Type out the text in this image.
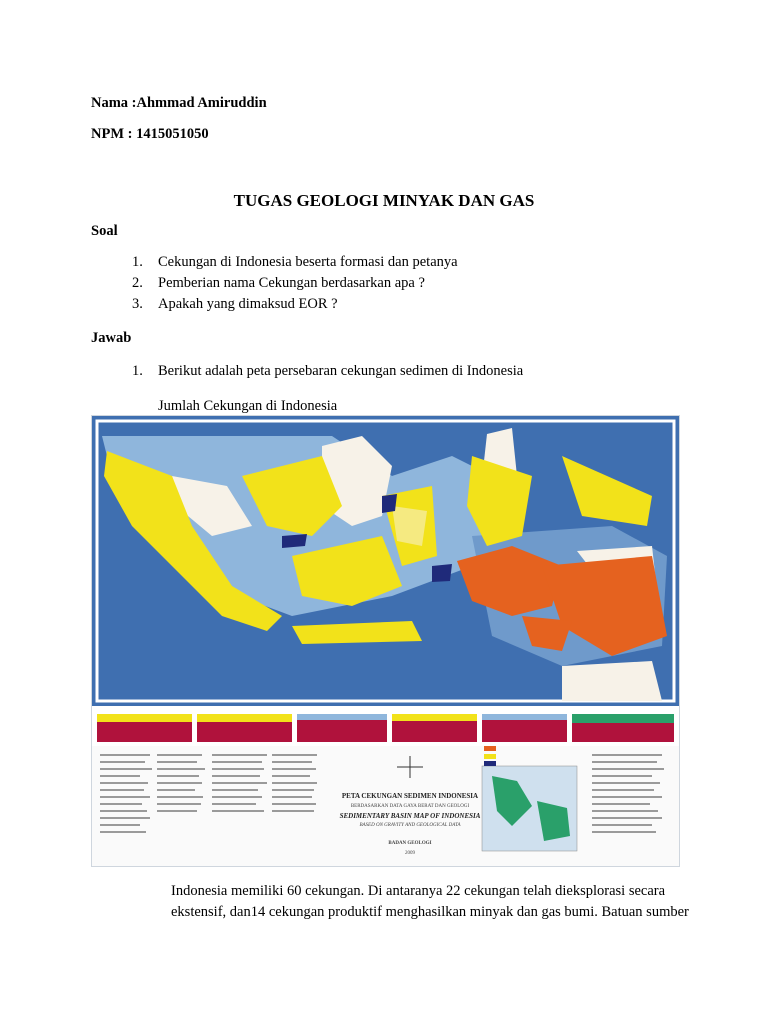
Nama :Ahmmad Amiruddin
NPM : 1415051050
TUGAS GEOLOGI MINYAK DAN GAS
Soal
1. Cekungan di Indonesia beserta formasi dan petanya
2. Pemberian nama Cekungan berdasarkan apa ?
3. Apakah yang dimaksud EOR ?
Jawab
1. Berikut adalah peta persebaran cekungan sedimen di Indonesia
Jumlah Cekungan di Indonesia
PETA CEKUNGAN SEDIMEN INDONESIA
BERDASARKAN DATA GAYA BERAT DAN GEOLOGI
SEDIMENTARY BASIN MAP OF INDONESIA
BASED ON GRAVITY AND GEOLOGICAL DATA
BADAN GEOLOGI
2009
Indonesia memiliki 60 cekungan. Di antaranya 22 cekungan telah dieksplorasi secara
ekstensif, dan14 cekungan produktif menghasilkan minyak dan gas bumi. Batuan sumber
